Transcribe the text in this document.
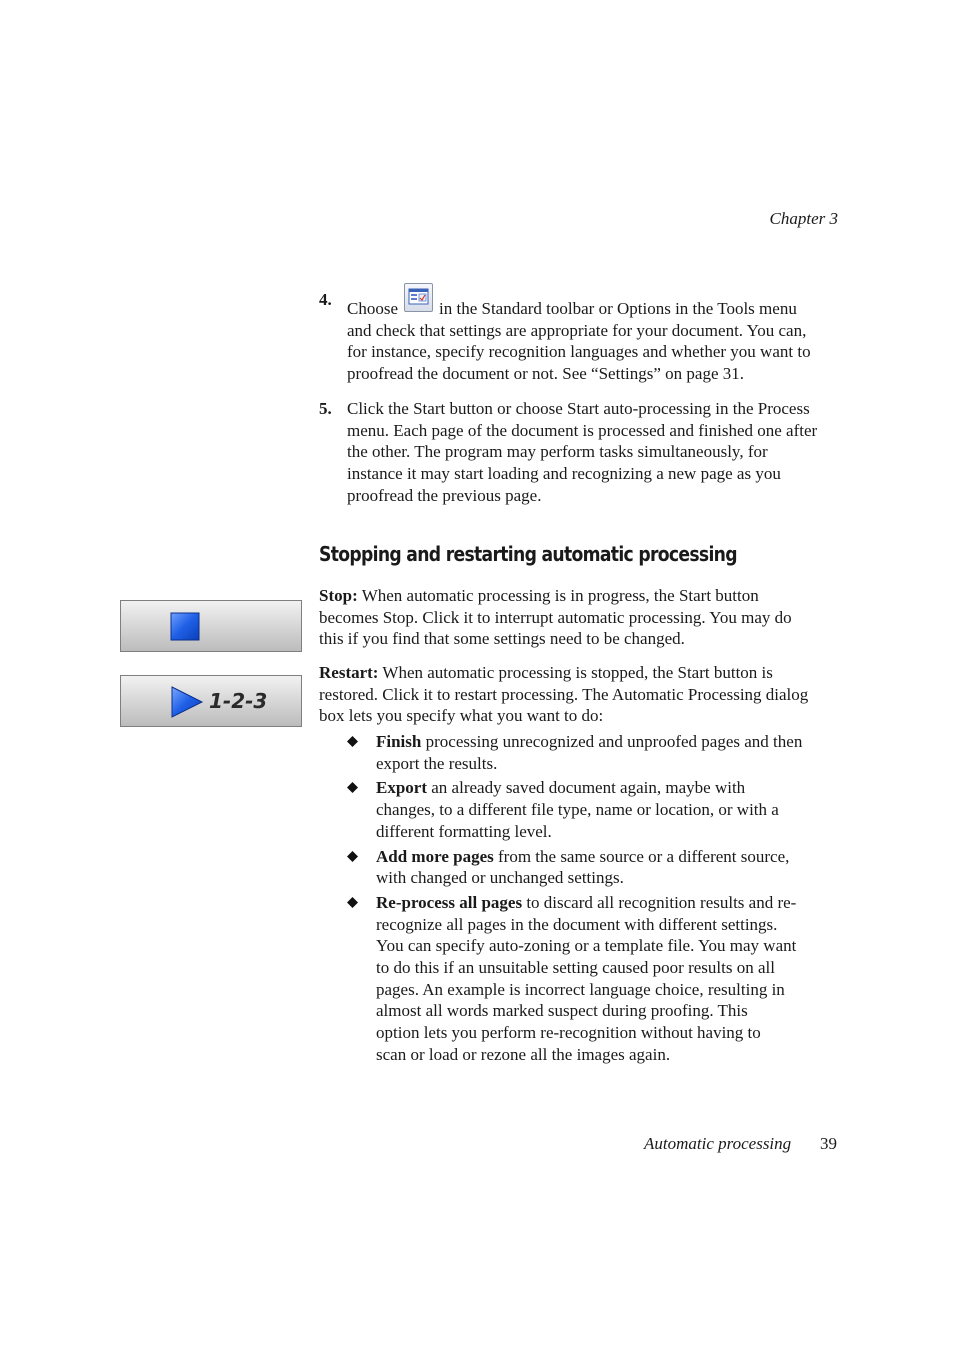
Chapter 3
4. Choose in the Standard toolbar or Options in the Tools menu
and check that settings are appropriate for your document. You can,
for instance, specify recognition languages and whether you want to
proofread the document or not. See “Settings” on page 31.
5. Click the Start button or choose Start auto-processing in the Process
menu. Each page of the document is processed and finished one after
the other. The program may perform tasks simultaneously, for
instance it may start loading and recognizing a new page as you
proofread the previous page.
Stopping and restarting automatic processing
Stop: When automatic processing is in progress, the Start button
becomes Stop. Click it to interrupt automatic processing. You may do
this if you find that some settings need to be changed.
1-2-3
Restart: When automatic processing is stopped, the Start button is
restored. Click it to restart processing. The Automatic Processing dialog
box lets you specify what you want to do:
Finish processing unrecognized and unproofed pages and then
export the results.
Export an already saved document again, maybe with
changes, to a different file type, name or location, or with a
different formatting level.
Add more pages from the same source or a different source,
with changed or unchanged settings.
Re-process all pages to discard all recognition results and re-
recognize all pages in the document with different settings.
You can specify auto-zoning or a template file. You may want
to do this if an unsuitable setting caused poor results on all
pages. An example is incorrect language choice, resulting in
almost all words marked suspect during proofing. This
option lets you perform re-recognition without having to
scan or load or rezone all the images again.
Automatic processing 39
